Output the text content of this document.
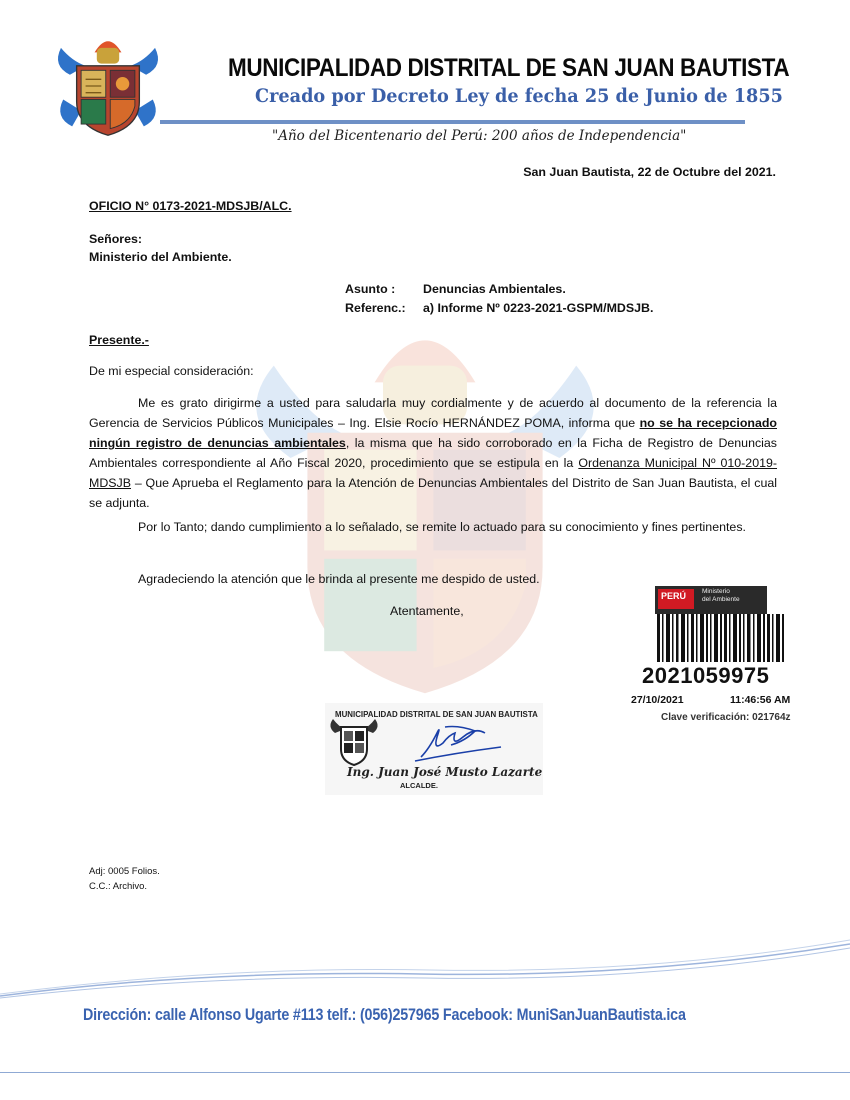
MUNICIPALIDAD DISTRITAL DE SAN JUAN BAUTISTA
Creado por Decreto Ley de fecha 25 de Junio de 1855
"Año del Bicentenario del Perú: 200 años de Independencia"
San Juan Bautista, 22 de Octubre del 2021.
OFICIO N° 0173-2021-MDSJB/ALC.
Señores:
Ministerio del Ambiente.
Asunto : Denuncias Ambientales.
Referenc.: a) Informe Nº 0223-2021-GSPM/MDSJB.
Presente.-
De mi especial consideración:
Me es grato dirigirme a usted para saludarla muy cordialmente y de acuerdo al documento de la referencia la Gerencia de Servicios Públicos Municipales – Ing. Elsie Rocío HERNÁNDEZ POMA, informa que no se ha recepcionado ningún registro de denuncias ambientales, la misma que ha sido corroborado en la Ficha de Registro de Denuncias Ambientales correspondiente al Año Fiscal 2020, procedimiento que se estipula en la Ordenanza Municipal Nº 010-2019-MDSJB – Que Aprueba el Reglamento para la Atención de Denuncias Ambientales del Distrito de San Juan Bautista, el cual se adjunta.
Por lo Tanto; dando cumplimiento a lo señalado, se remite lo actuado para su conocimiento y fines pertinentes.
Agradeciendo la atención que le brinda al presente me despido de usted.
Atentamente,
MUNICIPALIDAD DISTRITAL DE SAN JUAN BAUTISTA
Ing. Juan José Musto Lazarte
ALCALDE.
PERÚ Ministerio
del Ambiente
2021059975
27/10/2021	11:46:56 AM
Clave verificación: 021764z
Adj: 0005 Folios.
C.C.: Archivo.
Dirección: calle Alfonso Ugarte #113 telf.: (056)257965 Facebook: MuniSanJuanBautista.ica
